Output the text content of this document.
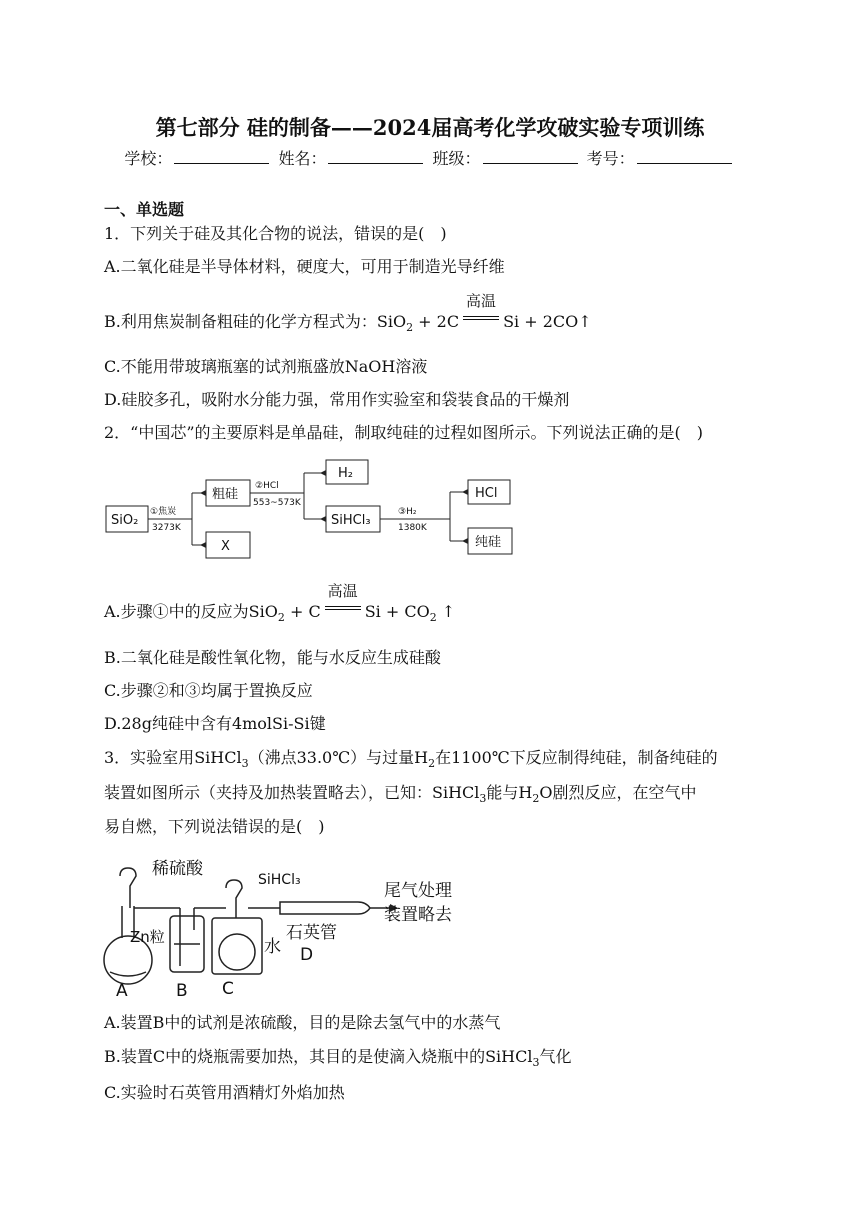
第七部分 硅的制备——2024届高考化学攻破实验专项训练
学校：	姓名：	班级：	考号：
一、单选题
1．下列关于硅及其化合物的说法，错误的是(　)
A.二氧化硅是半导体材料，硬度大，可用于制造光导纤维
B.利用焦炭制备粗硅的化学方程式为：SiO$_2$ + 2C
高温
Si + 2CO↑
C.不能用带玻璃瓶塞的试剂瓶盛放NaOH溶液
D.硅胶多孔，吸附水分能力强，常用作实验室和袋装食品的干燥剂
2．“中国芯”的主要原料是单晶硅，制取纯硅的过程如图所示。下列说法正确的是(　)
SiO₂
粗硅
X
H₂
SiHCl₃
HCl
纯硅
①焦炭
3273K
②HCl
553~573K
③H₂
1380K
A.步骤①中的反应为SiO$_2$ + C
高温
$Si + CO_2$ ↑
B.二氧化硅是酸性氧化物，能与水反应生成硅酸
C.步骤②和③均属于置换反应
D.28g纯硅中含有4molSi-Si键
3．实验室用SiHCl$_3$（沸点33.0℃）与过量$H_2$在1100℃下反应制得纯硅，制备纯硅的
装置如图所示（夹持及加热装置略去），已知：SiHCl$_3$能与$H_2O$剧烈反应，在空气中
易自燃，下列说法错误的是(　)
稀硫酸
Zn粒
SiHCl₃
水
石英管
尾气处理
装置略去
A	B C
D
A.装置B中的试剂是浓硫酸，目的是除去氢气中的水蒸气
B.装置C中的烧瓶需要加热，其目的是使滴入烧瓶中的SiHCl$_3$气化
C.实验时石英管用酒精灯外焰加热
